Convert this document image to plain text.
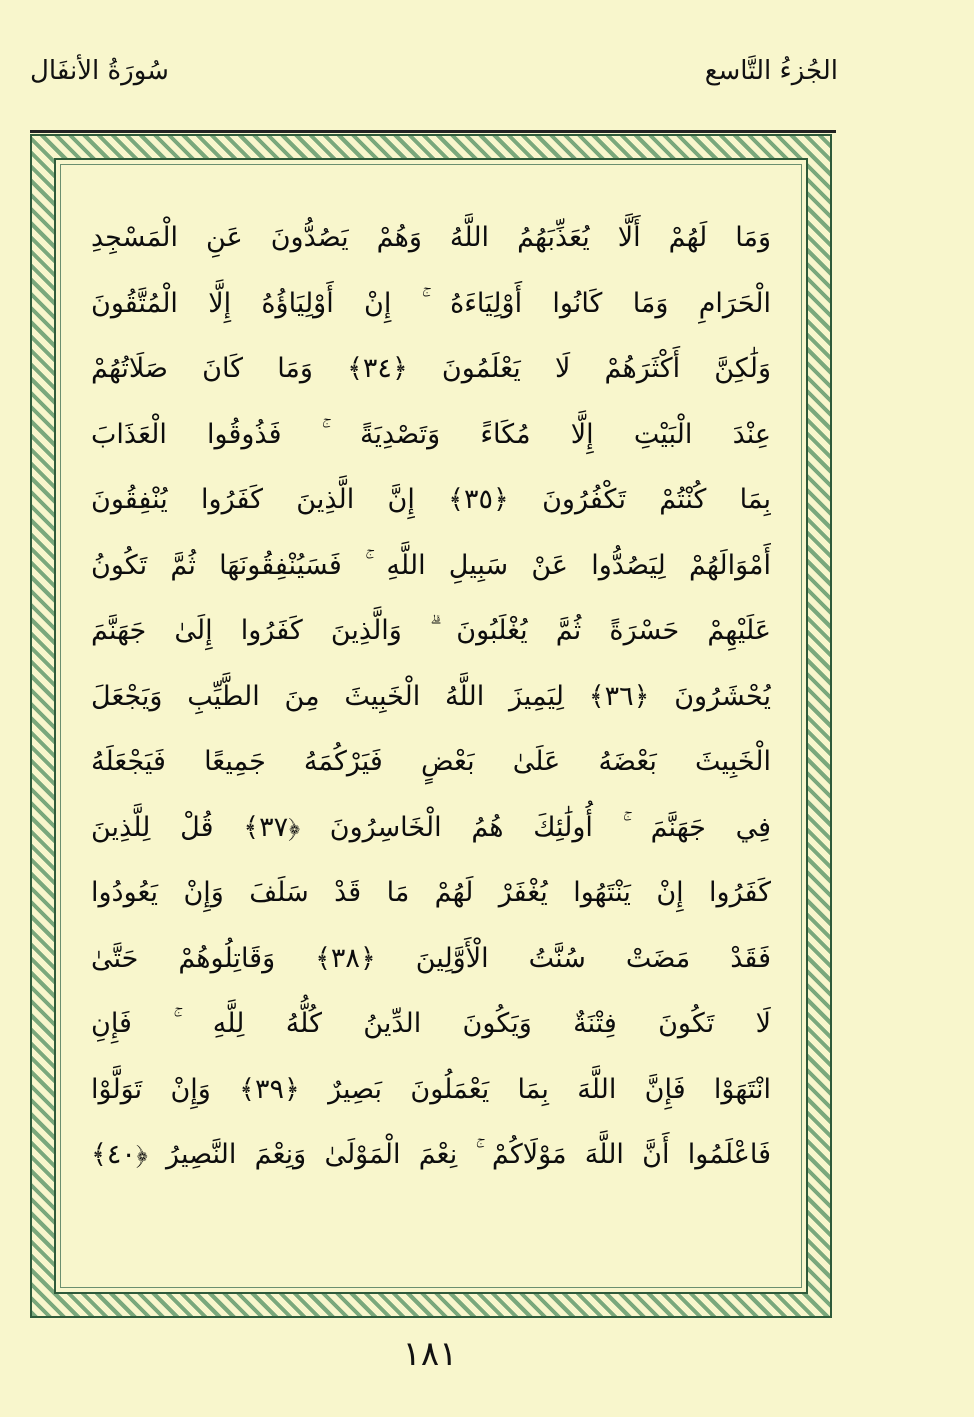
الجُزءُ التَّاسع
سُورَةُ الأنفَال
وَمَا لَهُمْ أَلَّا يُعَذِّبَهُمُ اللَّهُ وَهُمْ يَصُدُّونَ عَنِ الْمَسْجِدِ
الْحَرَامِ وَمَا كَانُوا أَوْلِيَاءَهُ ۚ إِنْ أَوْلِيَاؤُهُ إِلَّا الْمُتَّقُونَ
وَلَٰكِنَّ أَكْثَرَهُمْ لَا يَعْلَمُونَ ﴿٣٤﴾ وَمَا كَانَ صَلَاتُهُمْ
عِنْدَ الْبَيْتِ إِلَّا مُكَاءً وَتَصْدِيَةً ۚ فَذُوقُوا الْعَذَابَ
بِمَا كُنْتُمْ تَكْفُرُونَ ﴿٣٥﴾ إِنَّ الَّذِينَ كَفَرُوا يُنْفِقُونَ
أَمْوَالَهُمْ لِيَصُدُّوا عَنْ سَبِيلِ اللَّهِ ۚ فَسَيُنْفِقُونَهَا ثُمَّ تَكُونُ
عَلَيْهِمْ حَسْرَةً ثُمَّ يُغْلَبُونَ ۗ وَالَّذِينَ كَفَرُوا إِلَىٰ جَهَنَّمَ
يُحْشَرُونَ ﴿٣٦﴾ لِيَمِيزَ اللَّهُ الْخَبِيثَ مِنَ الطَّيِّبِ وَيَجْعَلَ
الْخَبِيثَ بَعْضَهُ عَلَىٰ بَعْضٍ فَيَرْكُمَهُ جَمِيعًا فَيَجْعَلَهُ
فِي جَهَنَّمَ ۚ أُولَٰئِكَ هُمُ الْخَاسِرُونَ ﴿٣٧﴾ قُلْ لِلَّذِينَ
كَفَرُوا إِنْ يَنْتَهُوا يُغْفَرْ لَهُمْ مَا قَدْ سَلَفَ وَإِنْ يَعُودُوا
فَقَدْ مَضَتْ سُنَّتُ الْأَوَّلِينَ ﴿٣٨﴾ وَقَاتِلُوهُمْ حَتَّىٰ
لَا تَكُونَ فِتْنَةٌ وَيَكُونَ الدِّينُ كُلُّهُ لِلَّهِ ۚ فَإِنِ
انْتَهَوْا فَإِنَّ اللَّهَ بِمَا يَعْمَلُونَ بَصِيرٌ ﴿٣٩﴾ وَإِنْ تَوَلَّوْا
فَاعْلَمُوا أَنَّ اللَّهَ مَوْلَاكُمْ ۚ نِعْمَ الْمَوْلَىٰ وَنِعْمَ النَّصِيرُ ﴿٤٠﴾
١٨١
